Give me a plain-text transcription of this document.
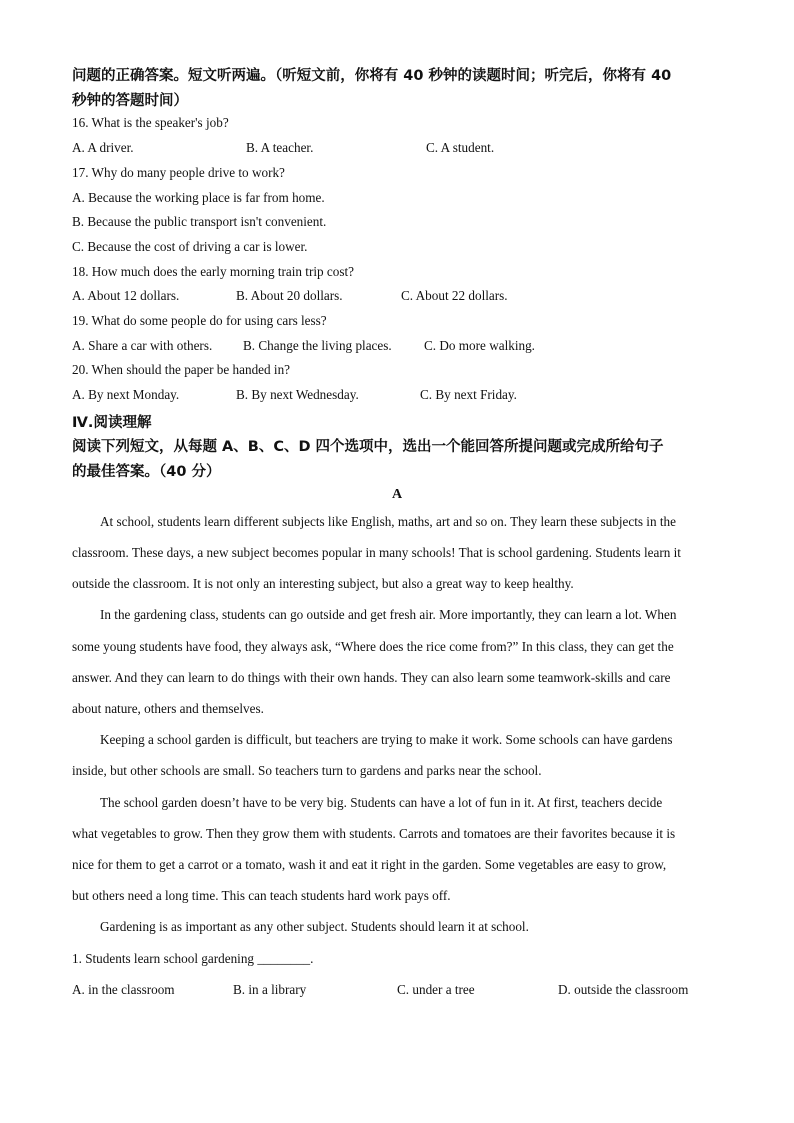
问题的正确答案。短文听两遍。（听短文前，你将有 40 秒钟的读题时间；听完后，你将有 40
秒钟的答题时间）
16. What is the speaker's job?
A. A driver.	B. A teacher.	C. A student.
17. Why do many people drive to work?
A. Because the working place is far from home.
B. Because the public transport isn't convenient.
C. Because the cost of driving a car is lower.
18. How much does the early morning train trip cost?
A. About 12 dollars.	B. About 20 dollars.	C. About 22 dollars.
19. What do some people do for using cars less?
A. Share a car with others. B. Change the living places. C. Do more walking.
20. When should the paper be handed in?
A. By next Monday.	B. By next Wednesday.	C. By next Friday.
Ⅳ.阅读理解
阅读下列短文，从每题 A、B、C、D 四个选项中，选出一个能回答所提问题或完成所给句子
的最佳答案。（40 分）
A
At school, students learn different subjects like English, maths, art and so on. They learn these subjects in the
classroom. These days, a new subject becomes popular in many schools! That is school gardening. Students learn it
outside the classroom. It is not only an interesting subject, but also a great way to keep healthy.
In the gardening class, students can go outside and get fresh air. More importantly, they can learn a lot. When
some young students have food, they always ask, “Where does the rice come from?” In this class, they can get the
answer. And they can learn to do things with their own hands. They can also learn some teamwork-skills and care
about nature, others and themselves.
Keeping a school garden is difficult, but teachers are trying to make it work. Some schools can have gardens
inside, but other schools are small. So teachers turn to gardens and parks near the school.
The school garden doesn’t have to be very big. Students can have a lot of fun in it. At first, teachers decide
what vegetables to grow. Then they grow them with students. Carrots and tomatoes are their favorites because it is
nice for them to get a carrot or a tomato, wash it and eat it right in the garden. Some vegetables are easy to grow,
but others need a long time. This can teach students hard work pays off.
Gardening is as important as any other subject. Students should learn it at school.
1. Students learn school gardening ________.
A. in the classroom	B. in a library	C. under a tree	D. outside the classroom
